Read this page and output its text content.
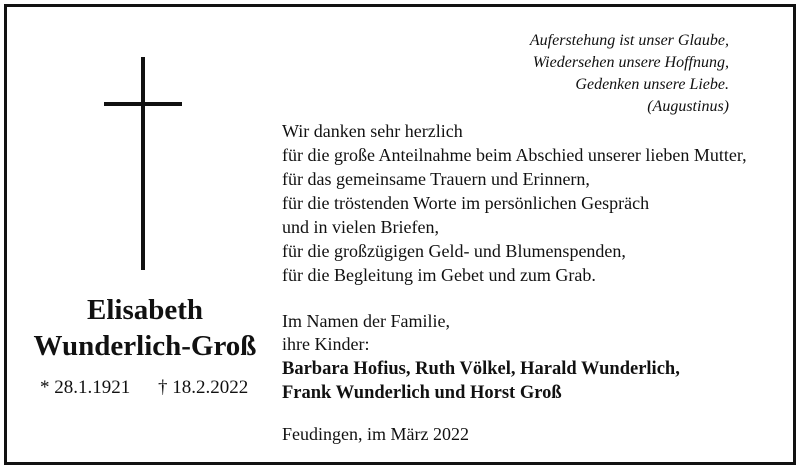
Elisabeth
Wunderlich-Groß
* 28.1.1921 † 18.2.2022
Auferstehung ist unser Glaube,
Wiedersehen unsere Hoffnung,
Gedenken unsere Liebe.
(Augustinus)
Wir danken sehr herzlich
für die große Anteilnahme beim Abschied unserer lieben Mutter,
für das gemeinsame Trauern und Erinnern,
für die tröstenden Worte im persönlichen Gespräch
und in vielen Briefen,
für die großzügigen Geld- und Blumenspenden,
für die Begleitung im Gebet und zum Grab.
Im Namen der Familie,
ihre Kinder:
Barbara Hofius, Ruth Völkel, Harald Wunderlich,
Frank Wunderlich und Horst Groß
Feudingen, im März 2022
